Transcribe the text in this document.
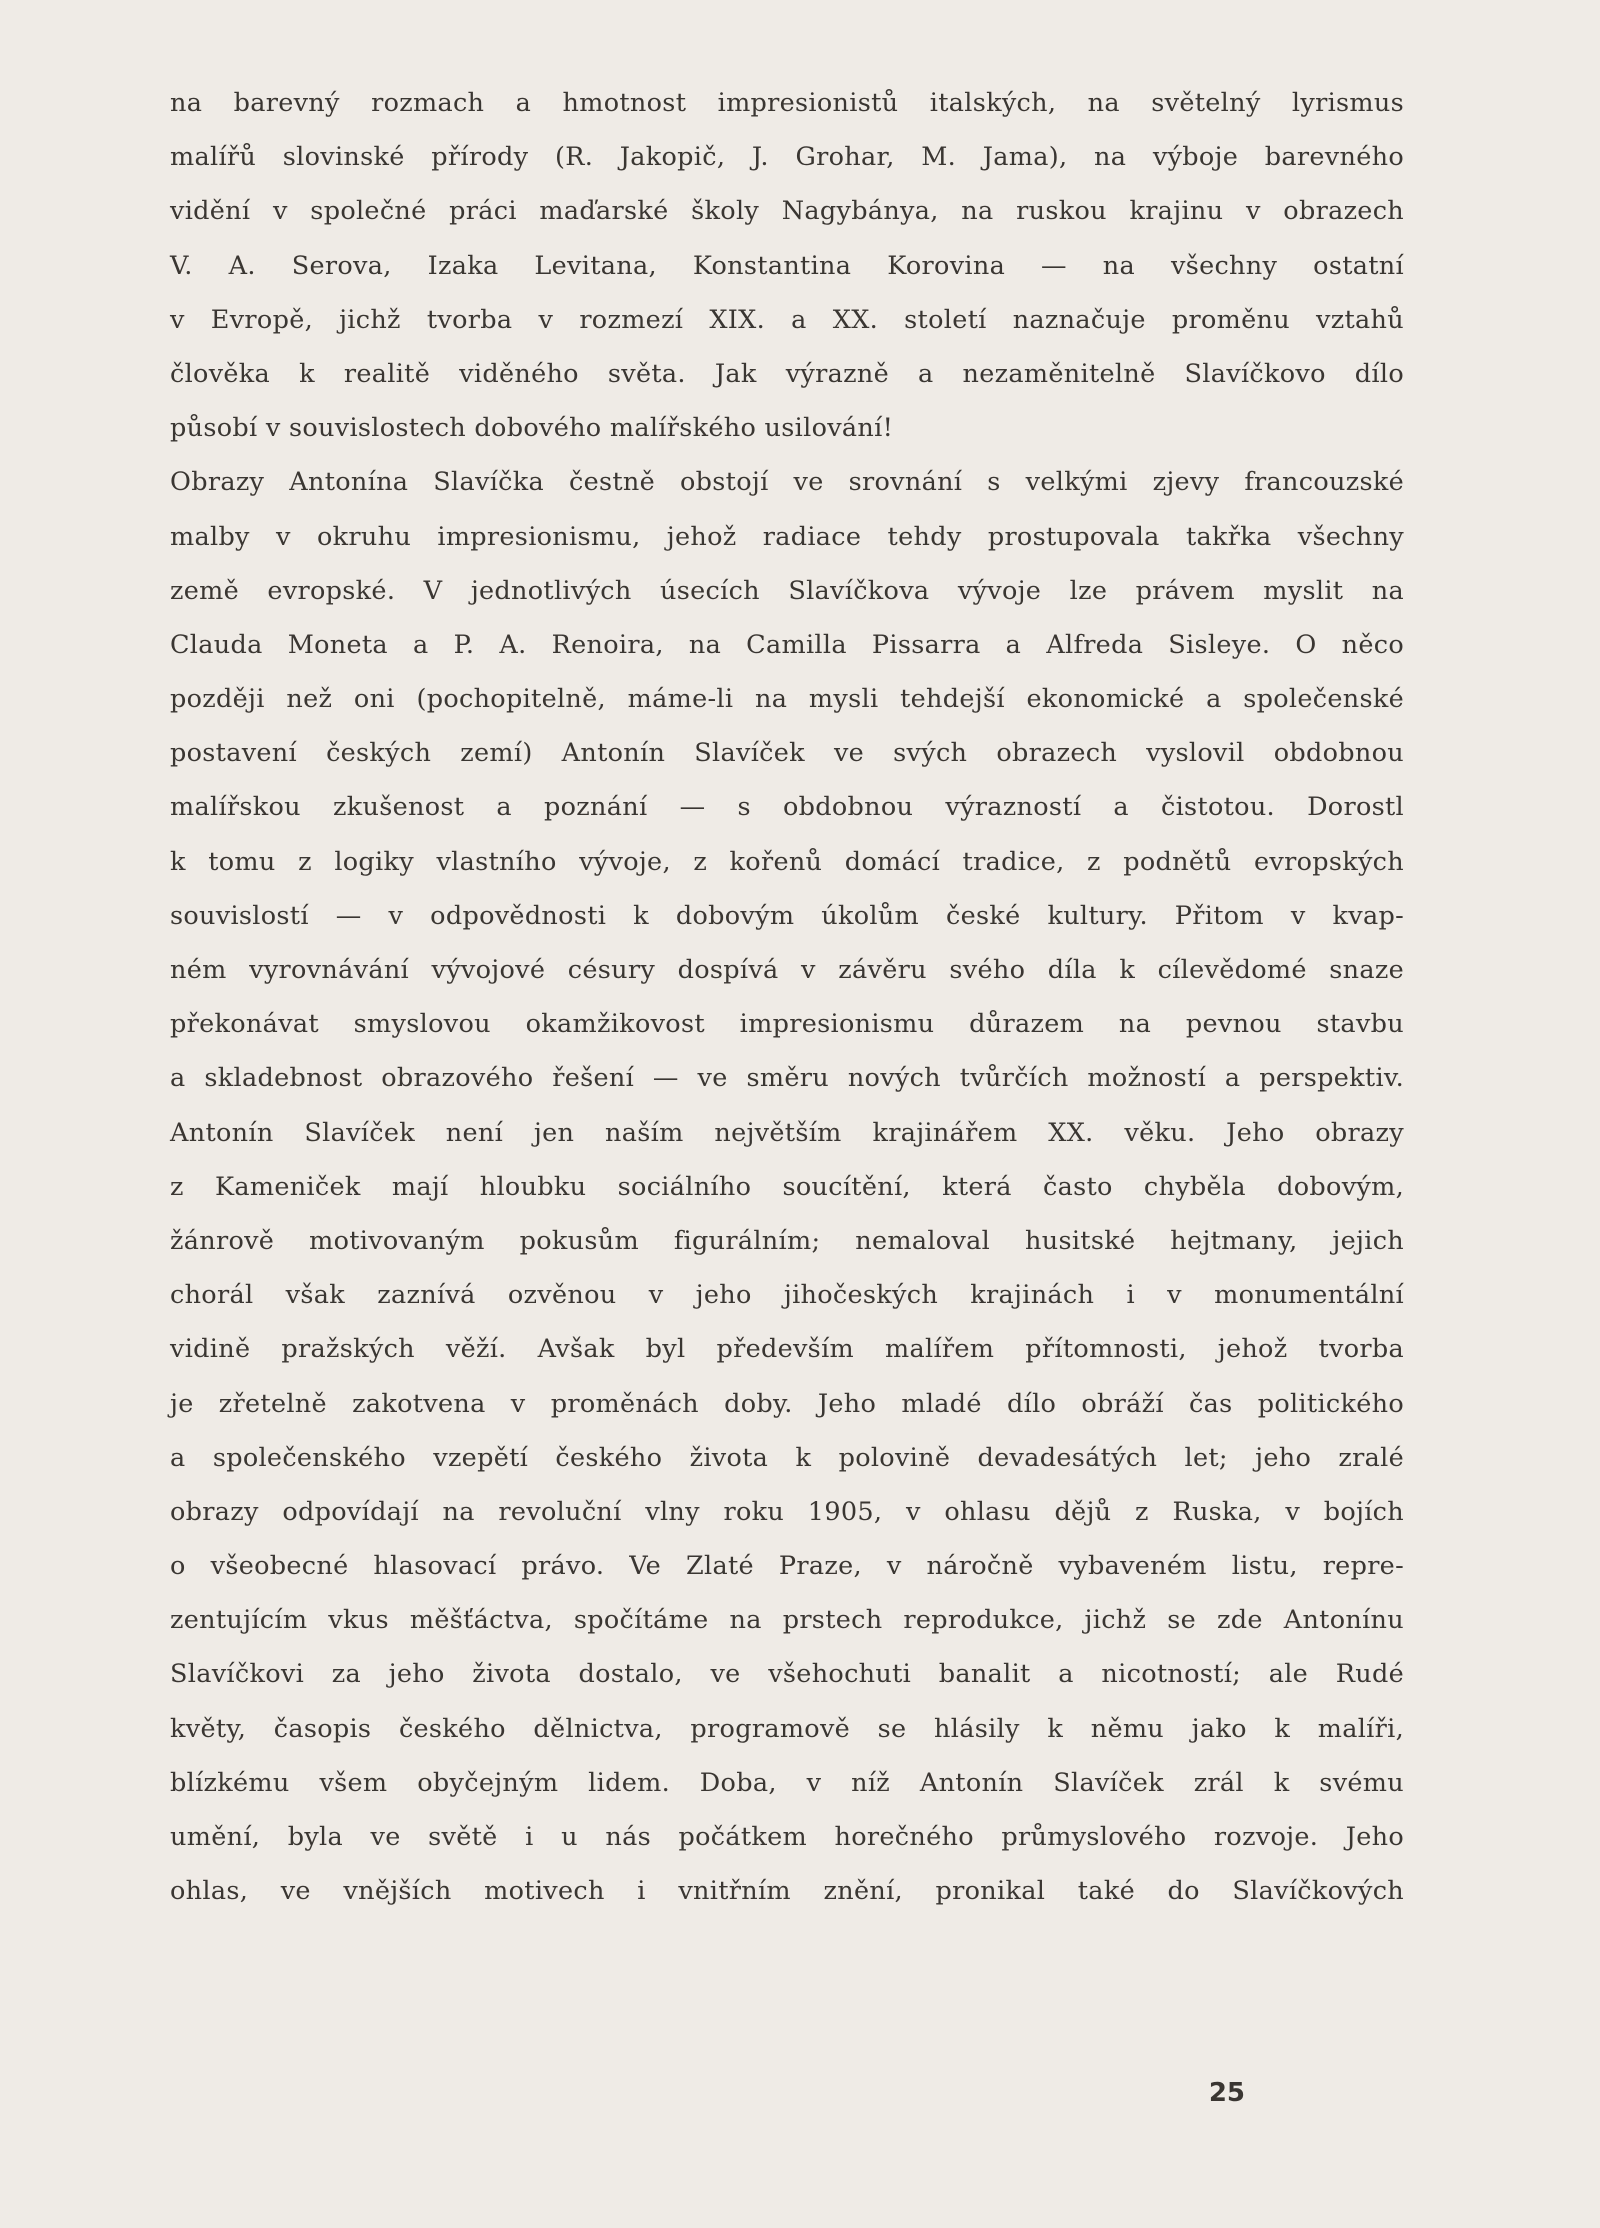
na barevný rozmach a hmotnost impresionistů italských, na světelný lyrismus
malířů slovinské přírody (R. Jakopič, J. Grohar, M. Jama), na výboje barevného
vidění v společné práci maďarské školy Nagybánya, na ruskou krajinu v obrazech
V. A. Serova, Izaka Levitana, Konstantina Korovina — na všechny ostatní
v Evropě, jichž tvorba v rozmezí XIX. a XX. století naznačuje proměnu vztahů
člověka k realitě viděného světa. Jak výrazně a nezaměnitelně Slavíčkovo dílo
působí v souvislostech dobového malířského usilování!
Obrazy Antonína Slavíčka čestně obstojí ve srovnání s velkými zjevy francouzské
malby v okruhu impresionismu, jehož radiace tehdy prostupovala takřka všechny
země evropské. V jednotlivých úsecích Slavíčkova vývoje lze právem myslit na
Clauda Moneta a P. A. Renoira, na Camilla Pissarra a Alfreda Sisleye. O něco
později než oni (pochopitelně, máme-li na mysli tehdejší ekonomické a společenské
postavení českých zemí) Antonín Slavíček ve svých obrazech vyslovil obdobnou
malířskou zkušenost a poznání — s obdobnou výrazností a čistotou. Dorostl
k tomu z logiky vlastního vývoje, z kořenů domácí tradice, z podnětů evropských
souvislostí — v odpovědnosti k dobovým úkolům české kultury. Přitom v kvap-
ném vyrovnávání vývojové césury dospívá v závěru svého díla k cílevědomé snaze
překonávat smyslovou okamžikovost impresionismu důrazem na pevnou stavbu
a skladebnost obrazového řešení — ve směru nových tvůrčích možností a perspektiv.
Antonín Slavíček není jen naším největším krajinářem XX. věku. Jeho obrazy
z Kameniček mají hloubku sociálního soucítění, která často chyběla dobovým,
žánrově motivovaným pokusům figurálním; nemaloval husitské hejtmany, jejich
chorál však zaznívá ozvěnou v jeho jihočeských krajinách i v monumentální
vidině pražských věží. Avšak byl především malířem přítomnosti, jehož tvorba
je zřetelně zakotvena v proměnách doby. Jeho mladé dílo obráží čas politického
a společenského vzepětí českého života k polovině devadesátých let; jeho zralé
obrazy odpovídají na revoluční vlny roku 1905, v ohlasu dějů z Ruska, v bojích
o všeobecné hlasovací právo. Ve Zlaté Praze, v náročně vybaveném listu, repre-
zentujícím vkus měšťáctva, spočítáme na prstech reprodukce, jichž se zde Antonínu
Slavíčkovi za jeho života dostalo, ve všehochuti banalit a nicotností; ale Rudé
květy, časopis českého dělnictva, programově se hlásily k němu jako k malíři,
blízkému všem obyčejným lidem. Doba, v níž Antonín Slavíček zrál k svému
umění, byla ve světě i u nás počátkem horečného průmyslového rozvoje. Jeho
ohlas, ve vnějších motivech i vnitřním znění, pronikal také do Slavíčkových
25
